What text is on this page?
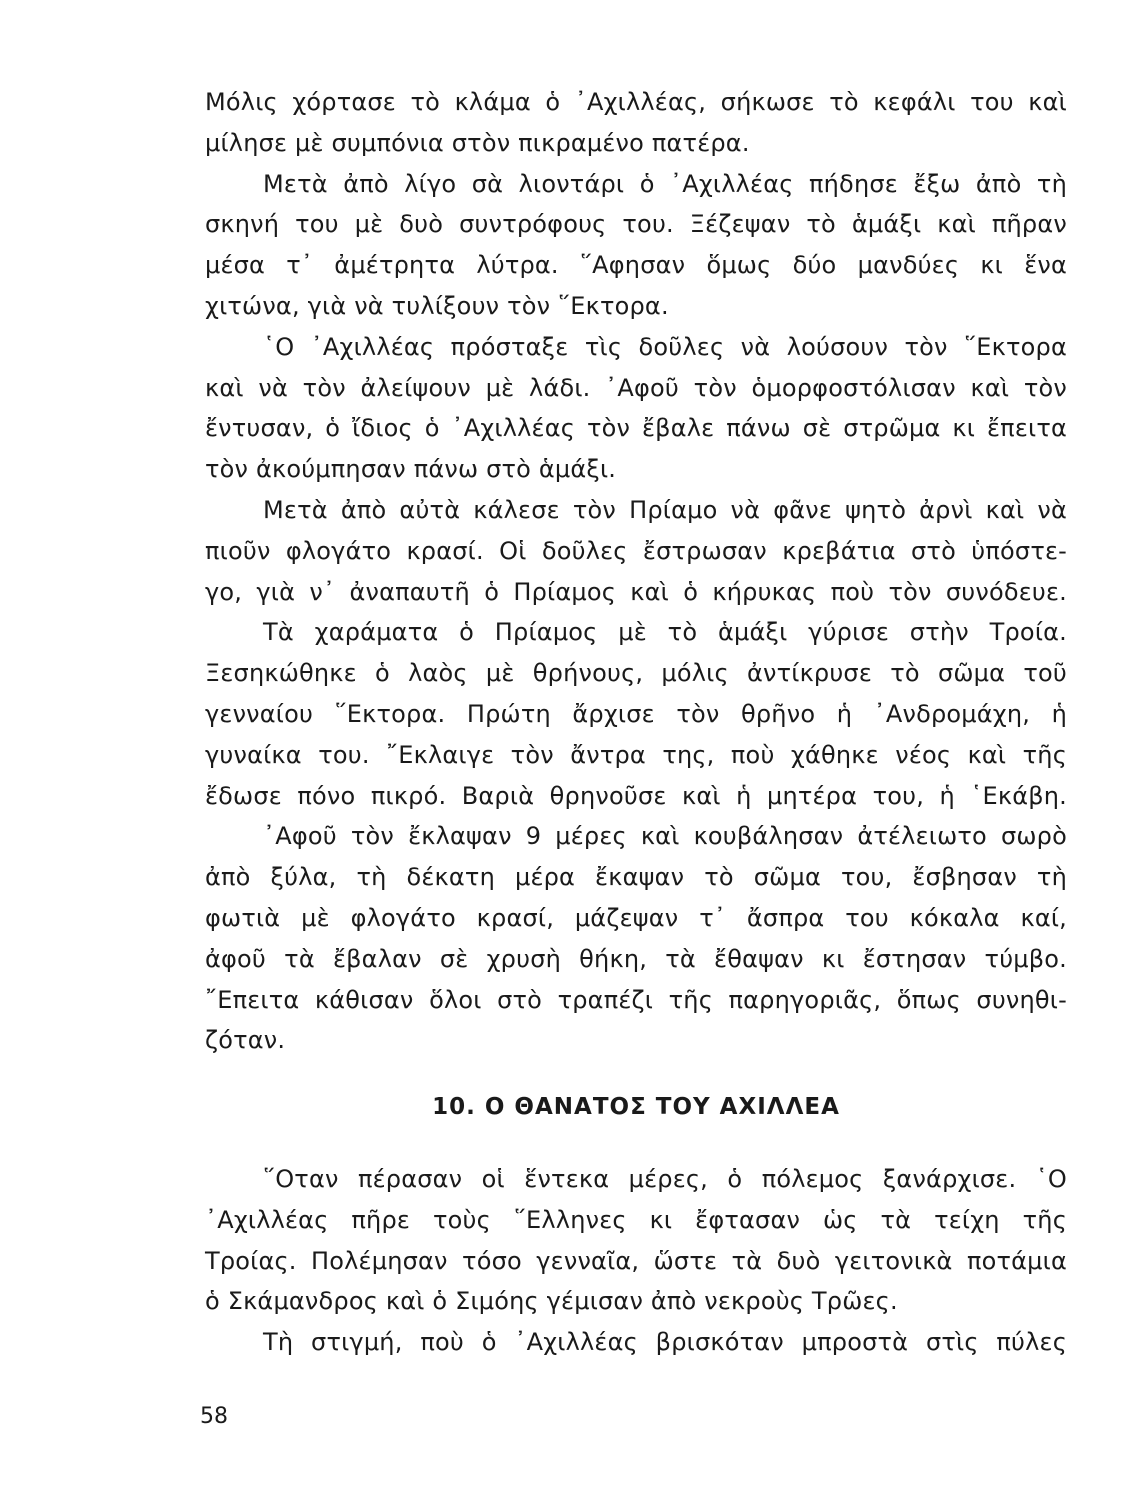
Μόλις χόρτασε τὸ κλάμα ὁ ᾿Αχιλλέας, σήκωσε τὸ κεφάλι του καὶ
μίλησε μὲ συμπόνια στὸν πικραμένο πατέρα.
Μετὰ ἀπὸ λίγο σὰ λιοντάρι ὁ ᾿Αχιλλέας πήδησε ἔξω ἀπὸ τὴ
σκηνή του μὲ δυὸ συντρόφους του. Ξέζεψαν τὸ ἁμάξι καὶ πῆραν
μέσα τ᾿ ἀμέτρητα λύτρα. ῞Αφησαν ὅμως δύο μανδύες κι ἕνα
χιτώνα, γιὰ νὰ τυλίξουν τὸν ῞Εκτορα.
῾Ο ᾿Αχιλλέας πρόσταξε τὶς δοῦλες νὰ λούσουν τὸν ῞Εκτορα
καὶ νὰ τὸν ἀλείψουν μὲ λάδι. ᾿Αφοῦ τὸν ὁμορφοστόλισαν καὶ τὸν
ἔντυσαν, ὁ ἴδιος ὁ ᾿Αχιλλέας τὸν ἔβαλε πάνω σὲ στρῶμα κι ἔπειτα
τὸν ἀκούμπησαν πάνω στὸ ἁμάξι.
Μετὰ ἀπὸ αὐτὰ κάλεσε τὸν Πρίαμο νὰ φᾶνε ψητὸ ἀρνὶ καὶ νὰ
πιοῦν φλογάτο κρασί. Οἱ δοῦλες ἔστρωσαν κρεβάτια στὸ ὑπόστε-
γο, γιὰ ν᾿ ἀναπαυτῆ ὁ Πρίαμος καὶ ὁ κήρυκας ποὺ τὸν συνόδευε.
Τὰ χαράματα ὁ Πρίαμος μὲ τὸ ἁμάξι γύρισε στὴν Τροία.
Ξεσηκώθηκε ὁ λαὸς μὲ θρήνους, μόλις ἀντίκρυσε τὸ σῶμα τοῦ
γενναίου ῞Εκτορα. Πρώτη ἄρχισε τὸν θρῆνο ἡ ᾿Ανδρομάχη, ἡ
γυναίκα του. ῎Εκλαιγε τὸν ἄντρα της, ποὺ χάθηκε νέος καὶ τῆς
ἔδωσε πόνο πικρό. Βαριὰ θρηνοῦσε καὶ ἡ μητέρα του, ἡ ῾Εκάβη.
᾿Αφοῦ τὸν ἔκλαψαν 9 μέρες καὶ κουβάλησαν ἀτέλειωτο σωρὸ
ἀπὸ ξύλα, τὴ δέκατη μέρα ἔκαψαν τὸ σῶμα του, ἔσβησαν τὴ
φωτιὰ μὲ φλογάτο κρασί, μάζεψαν τ᾿ ἄσπρα του κόκαλα καί,
ἀφοῦ τὰ ἔβαλαν σὲ χρυσὴ θήκη, τὰ ἔθαψαν κι ἔστησαν τύμβο.
῎Επειτα κάθισαν ὅλοι στὸ τραπέζι τῆς παρηγοριᾶς, ὅπως συνηθι-
ζόταν.
10. Ο ΘΑΝΑΤΟΣ ΤΟΥ ΑΧΙΛΛΕΑ
῞Οταν πέρασαν οἱ ἕντεκα μέρες, ὁ πόλεμος ξανάρχισε. ῾Ο
᾿Αχιλλέας πῆρε τοὺς ῞Ελληνες κι ἔφτασαν ὡς τὰ τείχη τῆς
Τροίας. Πολέμησαν τόσο γενναῖα, ὥστε τὰ δυὸ γειτονικὰ ποτάμια
ὁ Σκάμανδρος καὶ ὁ Σιμόης γέμισαν ἀπὸ νεκροὺς Τρῶες.
Τὴ στιγμή, ποὺ ὁ ᾿Αχιλλέας βρισκόταν μπροστὰ στὶς πύλες
58
